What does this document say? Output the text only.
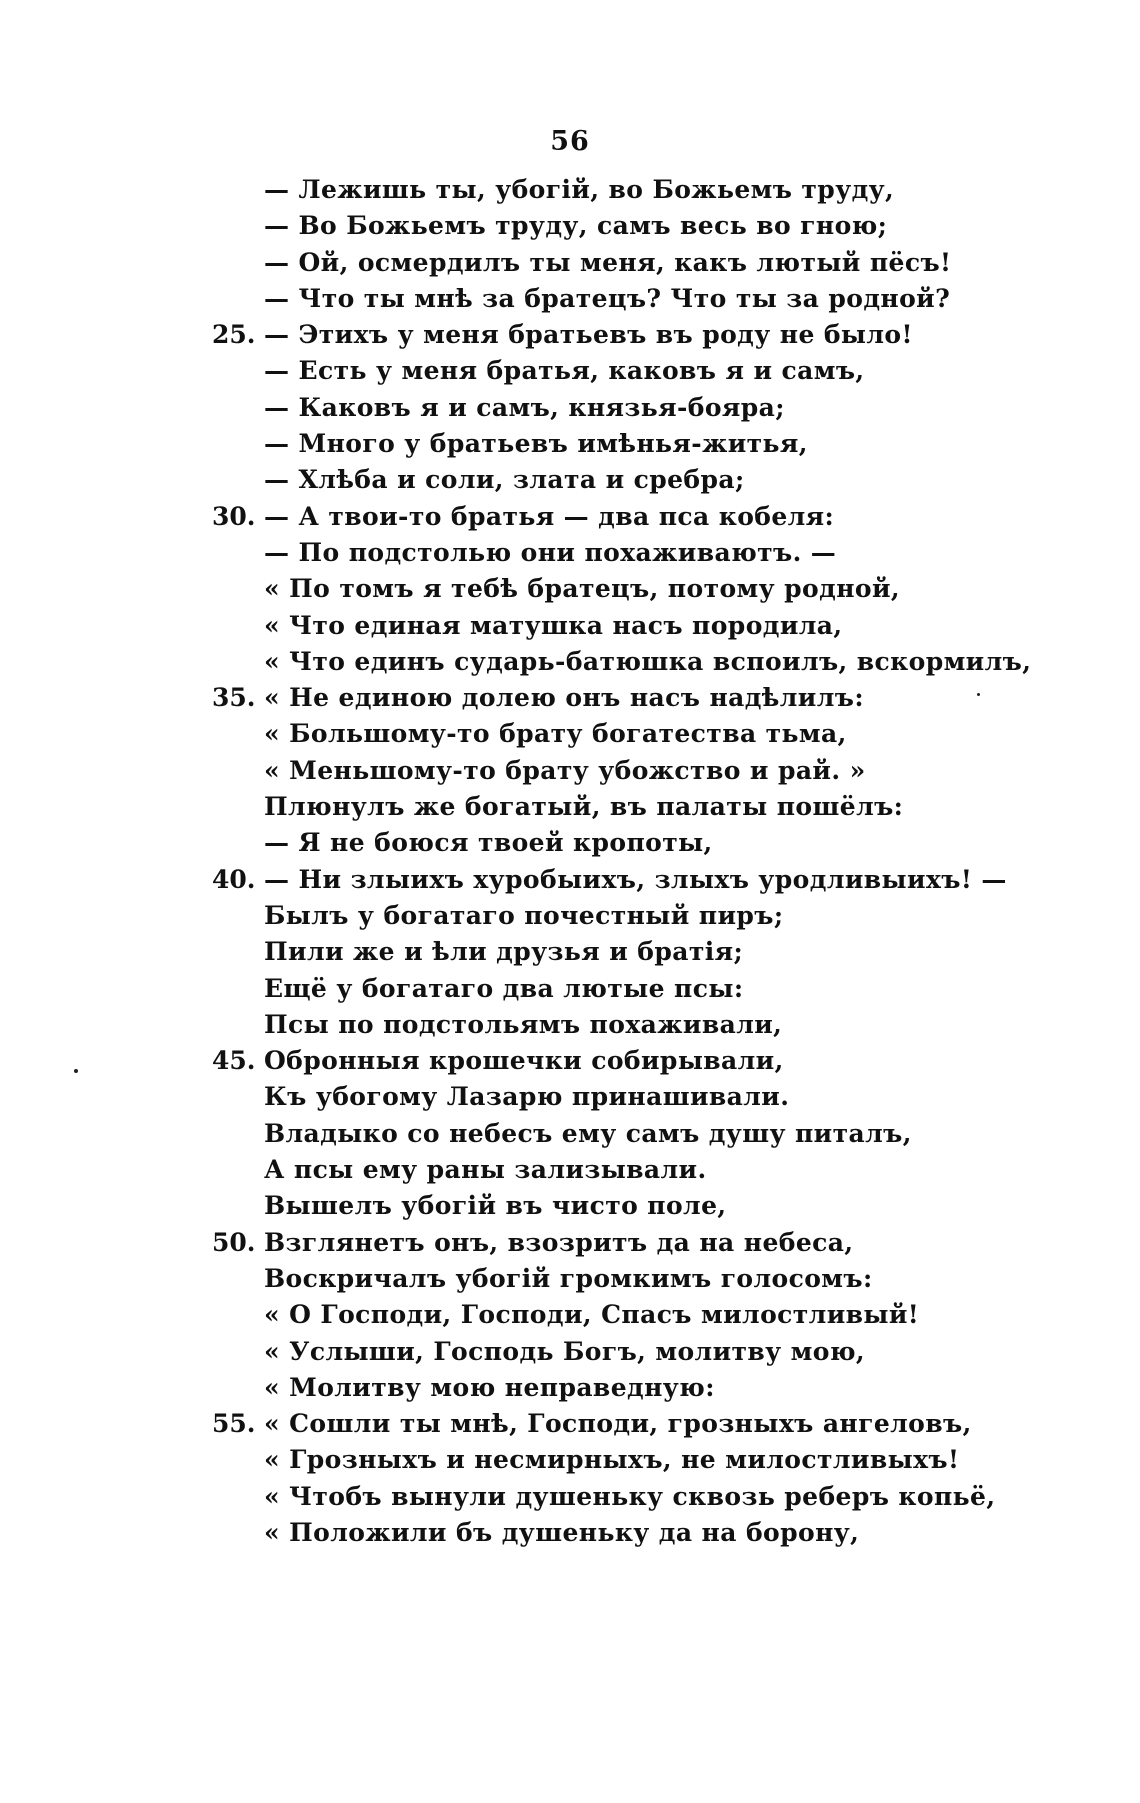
56
— Лежишь ты, убогій, во Божьемъ труду,
— Во Божьемъ труду, самъ весь во гною;
— Ой, осмердилъ ты меня, какъ лютый пёсъ!
— Что ты мнѣ за братецъ? Что ты за родной?
25. — Этихъ у меня братьевъ въ роду не было!
— Есть у меня братья, каковъ я и самъ,
— Каковъ я и самъ, князья-бояра;
— Много у братьевъ имѣнья-житья,
— Хлѣба и соли, злата и сребра;
30. — А твои-то братья — два пса кобеля:
— По подстолью они похаживаютъ. —
« По томъ я тебѣ братецъ, потому родной,
« Что единая матушка насъ породила,
« Что единъ сударь-батюшка вспоилъ, вскормилъ,
35. « Не единою долею онъ насъ надѣлилъ:
« Большому-то брату богатества тьма,
« Меньшому-то брату убожство и рай. »
Плюнулъ же богатый, въ палаты пошёлъ:
— Я не боюся твоей кропоты,
40. — Ни злыихъ хуробыихъ, злыхъ уродливыихъ! —
Былъ у богатаго почестный пиръ;
Пили же и ѣли друзья и братія;
Ещё у богатаго два лютые псы:
Псы по подстольямъ похаживали,
45. Обронныя крошечки собирывали,
Къ убогому Лазарю принашивали.
Владыко со небесъ ему самъ душу питалъ,
А псы ему раны зализывали.
Вышелъ убогій въ чисто поле,
50. Взглянетъ онъ, взозритъ да на небеса,
Воскричалъ убогій громкимъ голосомъ:
« О Господи, Господи, Спасъ милостливый!
« Услыши, Господь Богъ, молитву мою,
« Молитву мою неправедную:
55. « Сошли ты мнѣ, Господи, грозныхъ ангеловъ,
« Грозныхъ и несмирныхъ, не милостливыхъ!
« Чтобъ вынули душеньку сквозь реберъ копьё,
« Положили бъ душеньку да на борону,
